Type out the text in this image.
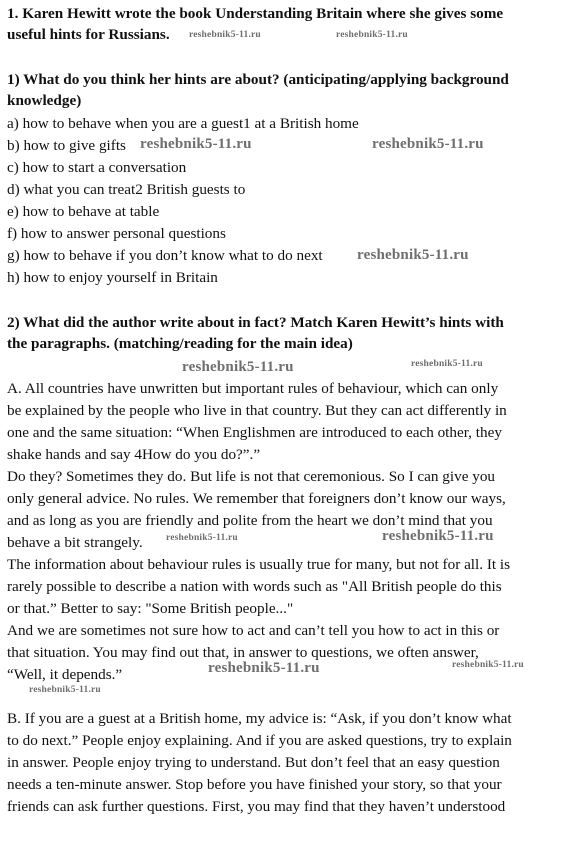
1. Karen Hewitt wrote the book Understanding Britain where she gives some
useful hints for Russians.
1) What do you think her hints are about? (anticipating/applying background
knowledge)
a) how to behave when you are a guest1 at a British home
b) how to give gifts
c) how to start a conversation
d) what you can treat2 British guests to
e) how to behave at table
f) how to answer personal questions
g) how to behave if you don’t know what to do next
h) how to enjoy yourself in Britain
2) What did the author write about in fact? Match Karen Hewitt’s hints with
the paragraphs. (matching/reading for the main idea)
A. All countries have unwritten but important rules of behaviour, which can only
be explained by the people who live in that country. But they can act differently in
one and the same situation: “When Englishmen are introduced to each other, they
shake hands and say 4How do you do?”.”
Do they? Sometimes they do. But life is not that ceremonious. So I can give you
only general advice. No rules. We remember that foreigners don’t know our ways,
and as long as you are friendly and polite from the heart we don’t mind that you
behave a bit strangely.
The information about behaviour rules is usually true for many, but not for all. It is
rarely possible to describe a nation with words such as "All British people do this
or that.” Better to say: "Some British people..."
And we are sometimes not sure how to act and can’t tell you how to act in this or
that situation. You may find out that, in answer to questions, we often answer,
“Well, it depends.”
B. If you are a guest at a British home, my advice is: “Ask, if you don’t know what
to do next.” People enjoy explaining. And if you are asked questions, try to explain
in answer. People enjoy trying to understand. But don’t feel that an easy question
needs a ten-minute answer. Stop before you have finished your story, so that your
friends can ask further questions. First, you may find that they haven’t understood
reshebnik5-11.ru	reshebnik5-11.ru
reshebnik5-11.ru	reshebnik5-11.ru
reshebnik5-11.ru
reshebnik5-11.ru	reshebnik5-11.ru
reshebnik5-11.ru	reshebnik5-11.ru
reshebnik5-11.ru	reshebnik5-11.ru
reshebnik5-11.ru
